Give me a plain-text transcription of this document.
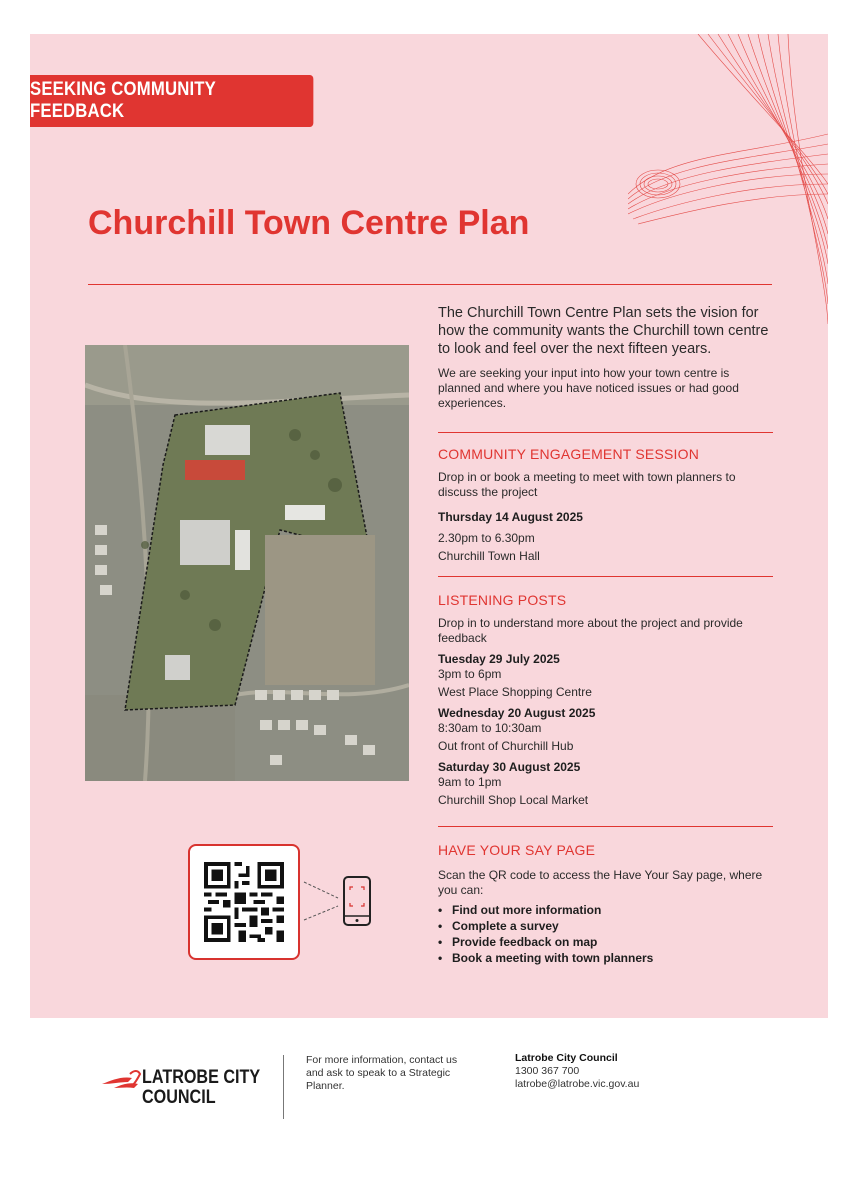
SEEKING COMMUNITY FEEDBACK
Churchill Town Centre Plan

The Churchill Town Centre Plan sets the vision for how the community wants the Churchill town centre to look and feel over the next fifteen years.

We are seeking your input into how your town centre is planned and where you have noticed issues or had good experiences.

COMMUNITY ENGAGEMENT SESSION

Drop in or book a meeting to meet with town planners to discuss the project

Thursday 14 August 2025

2.30pm to 6.30pm

Churchill Town Hall

LISTENING POSTS

Drop in to understand more about the project and provide feedback

Tuesday 29 July 2025

3pm to 6pm

West Place Shopping Centre

Wednesday 20 August 2025

8:30am to 10:30am

Out front of Churchill Hub

Saturday 30 August 2025

9am to 1pm

Churchill Shop Local Market

HAVE YOUR SAY PAGE

Scan the QR code to access the Have Your Say page, where you can:

• Find out more information
• Complete a survey
• Provide feedback on map
• Book a meeting with town planners
LATROBE CITY
COUNCIL
For more information, contact us and ask to speak to a Strategic Planner.
Latrobe City Council
1300 367 700
latrobe@latrobe.vic.gov.au
